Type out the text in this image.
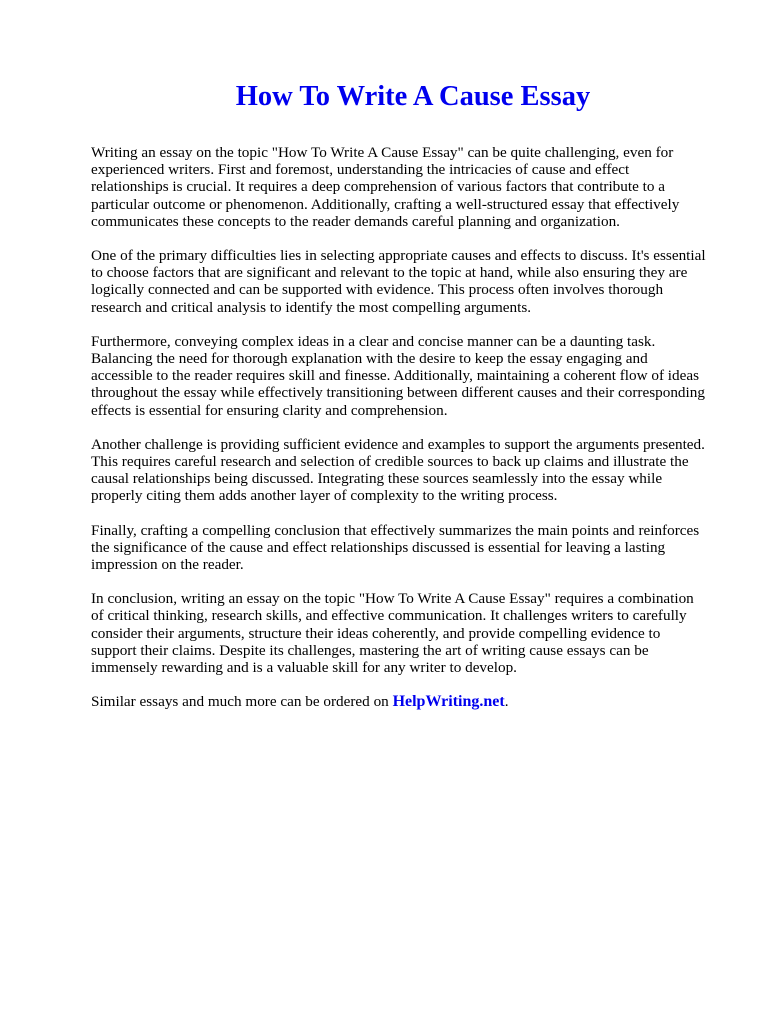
How To Write A Cause Essay

Writing an essay on the topic "How To Write A Cause Essay" can be quite challenging, even for
experienced writers. First and foremost, understanding the intricacies of cause and effect
relationships is crucial. It requires a deep comprehension of various factors that contribute to a
particular outcome or phenomenon. Additionally, crafting a well-structured essay that effectively
communicates these concepts to the reader demands careful planning and organization.

One of the primary difficulties lies in selecting appropriate causes and effects to discuss. It's essential
to choose factors that are significant and relevant to the topic at hand, while also ensuring they are
logically connected and can be supported with evidence. This process often involves thorough
research and critical analysis to identify the most compelling arguments.

Furthermore, conveying complex ideas in a clear and concise manner can be a daunting task.
Balancing the need for thorough explanation with the desire to keep the essay engaging and
accessible to the reader requires skill and finesse. Additionally, maintaining a coherent flow of ideas
throughout the essay while effectively transitioning between different causes and their corresponding
effects is essential for ensuring clarity and comprehension.

Another challenge is providing sufficient evidence and examples to support the arguments presented.
This requires careful research and selection of credible sources to back up claims and illustrate the
causal relationships being discussed. Integrating these sources seamlessly into the essay while
properly citing them adds another layer of complexity to the writing process.

Finally, crafting a compelling conclusion that effectively summarizes the main points and reinforces
the significance of the cause and effect relationships discussed is essential for leaving a lasting
impression on the reader.

In conclusion, writing an essay on the topic "How To Write A Cause Essay" requires a combination
of critical thinking, research skills, and effective communication. It challenges writers to carefully
consider their arguments, structure their ideas coherently, and provide compelling evidence to
support their claims. Despite its challenges, mastering the art of writing cause essays can be
immensely rewarding and is a valuable skill for any writer to develop.

Similar essays and much more can be ordered on HelpWriting.net.
